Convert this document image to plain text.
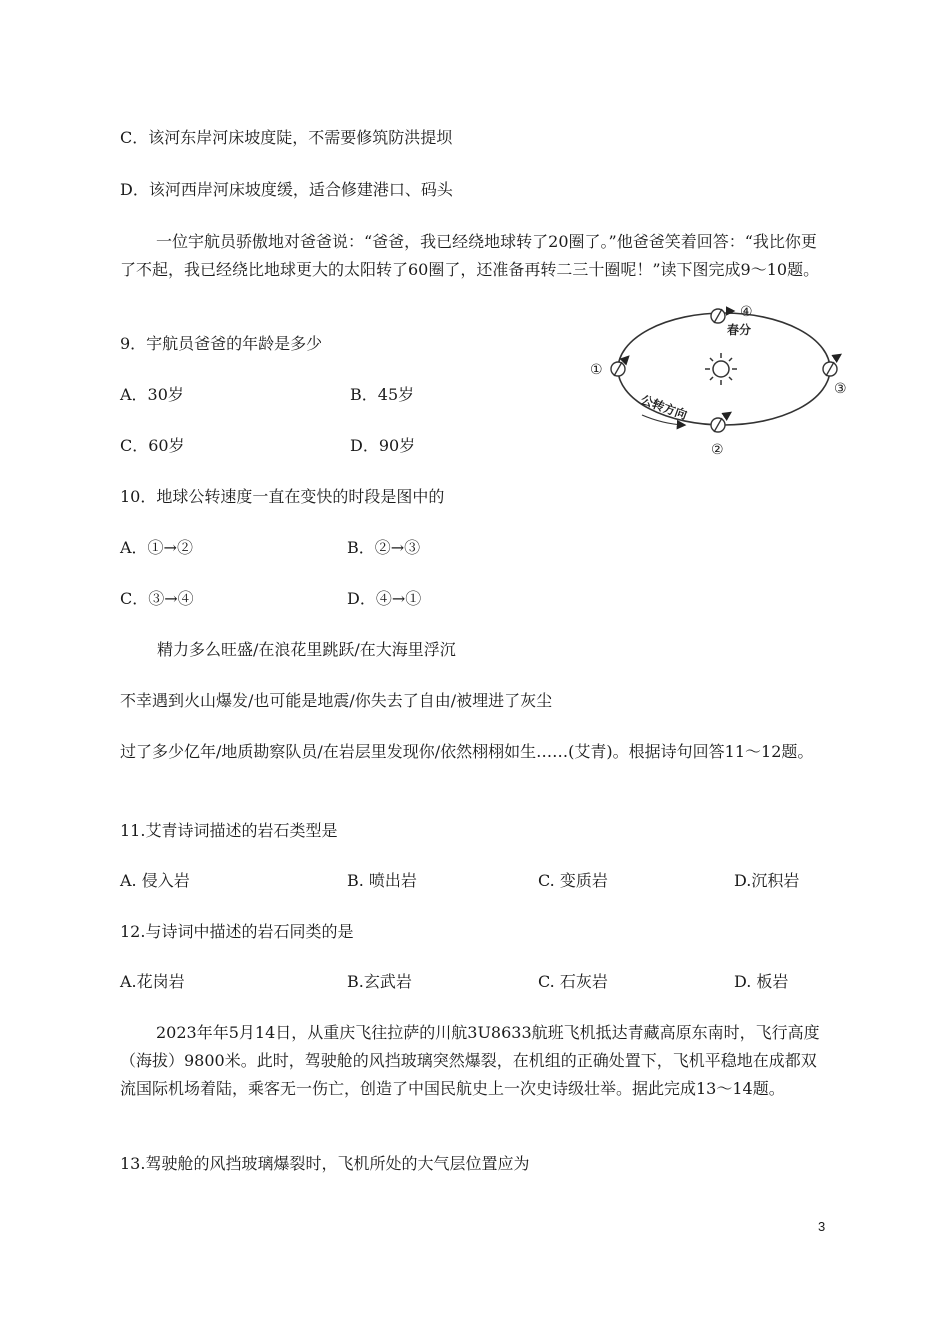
C．该河东岸河床坡度陡，不需要修筑防洪提坝
D．该河西岸河床坡度缓，适合修建港口、码头
一位宇航员骄傲地对爸爸说：“爸爸，我已经绕地球转了20圈了。”他爸爸笑着回答：“我比你更了不起，我已经绕比地球更大的太阳转了60圈了，还准备再转二三十圈呢！”读下图完成9～10题。
9．宇航员爸爸的年龄是多少
A．30岁	B．45岁
C．60岁	D．90岁
④
春分
①
③
②
公转方向
10．地球公转速度一直在变快的时段是图中的
A．①→②	B．②→③
C．③→④	D．④→①
精力多么旺盛/在浪花里跳跃/在大海里浮沉
不幸遇到火山爆发/也可能是地震/你失去了自由/被埋进了灰尘
过了多少亿年/地质勘察队员/在岩层里发现你/依然栩栩如生……(艾青)。根据诗句回答11～12题。
11.艾青诗词描述的岩石类型是
A. 侵入岩	B. 喷出岩	C. 变质岩	D.沉积岩
12.与诗词中描述的岩石同类的是
A.花岗岩	B.玄武岩	C. 石灰岩	D. 板岩
2023年年5月14日，从重庆飞往拉萨的川航3U8633航班飞机抵达青藏高原东南时，飞行高度（海拔）9800米。此时，驾驶舱的风挡玻璃突然爆裂，在机组的正确处置下，飞机平稳地在成都双流国际机场着陆，乘客无一伤亡，创造了中国民航史上一次史诗级壮举。据此完成13～14题。
13.驾驶舱的风挡玻璃爆裂时，飞机所处的大气层位置应为
3
